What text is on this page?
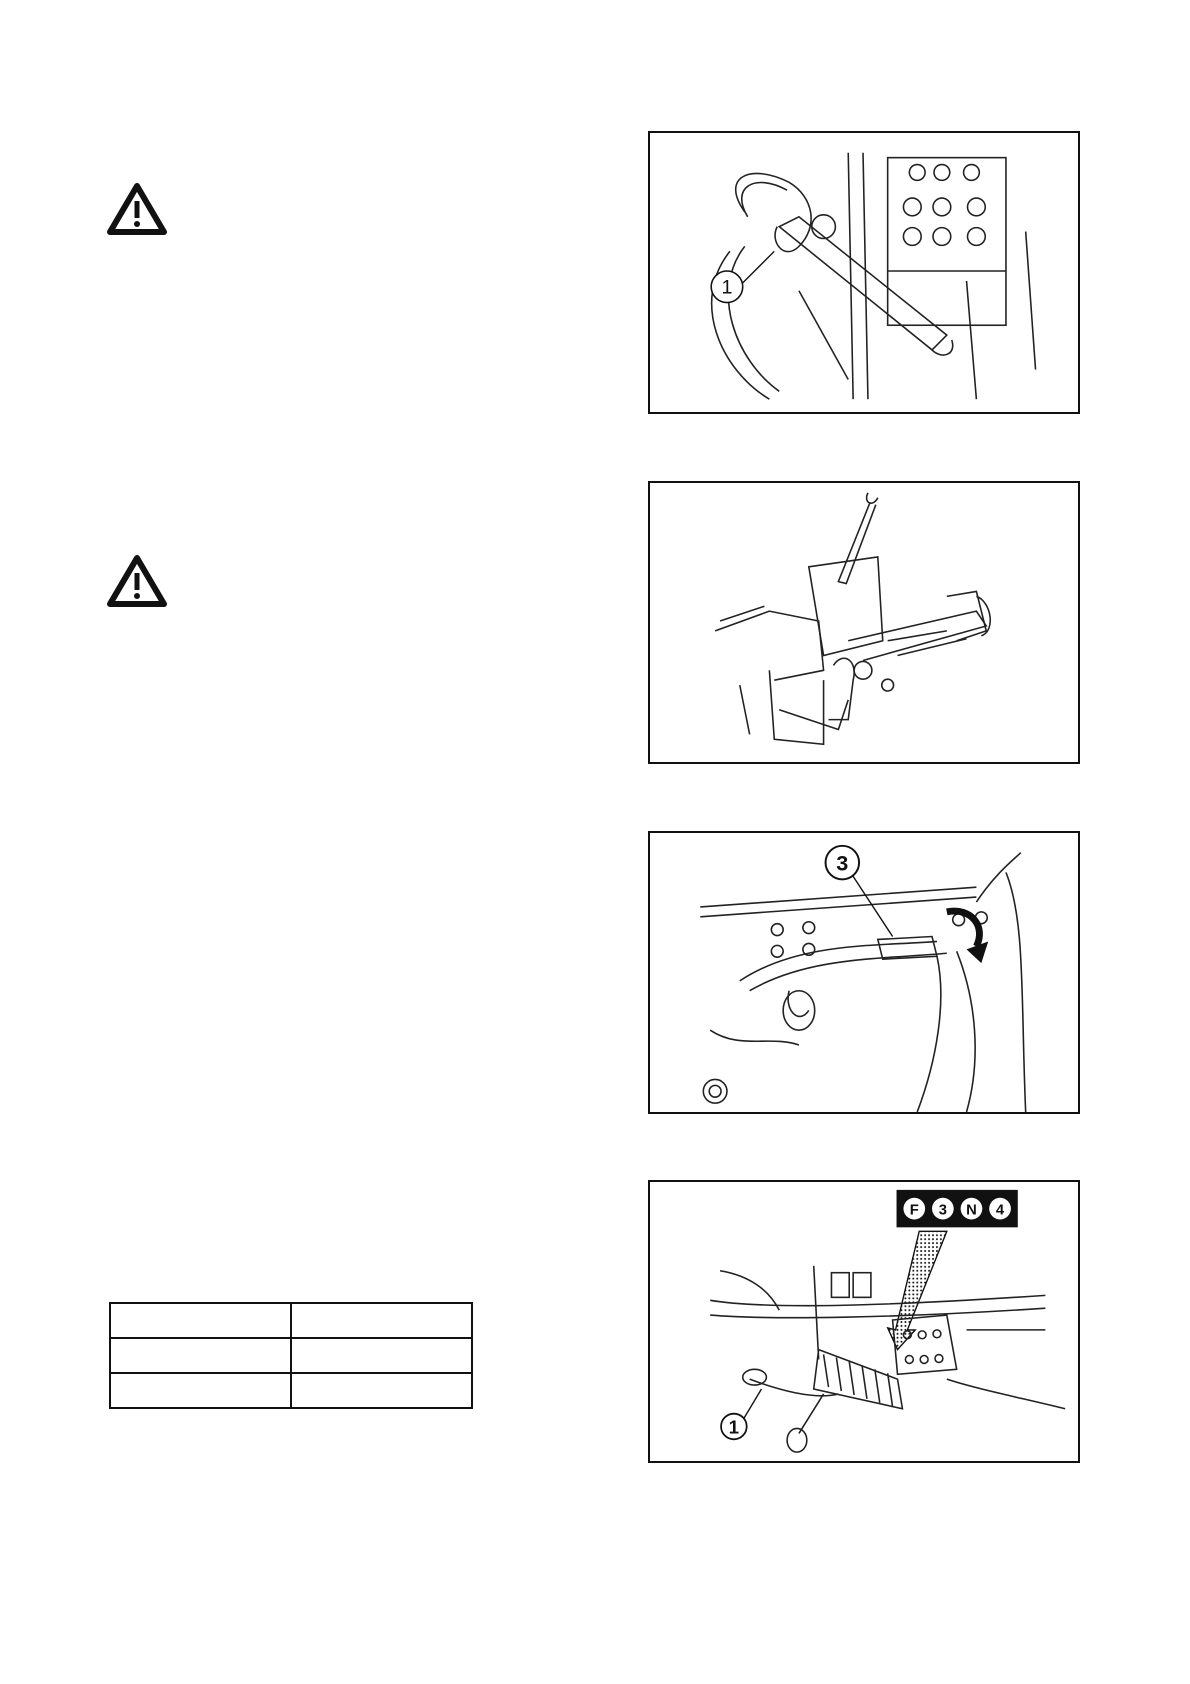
1
3
F 3 N 4
1
